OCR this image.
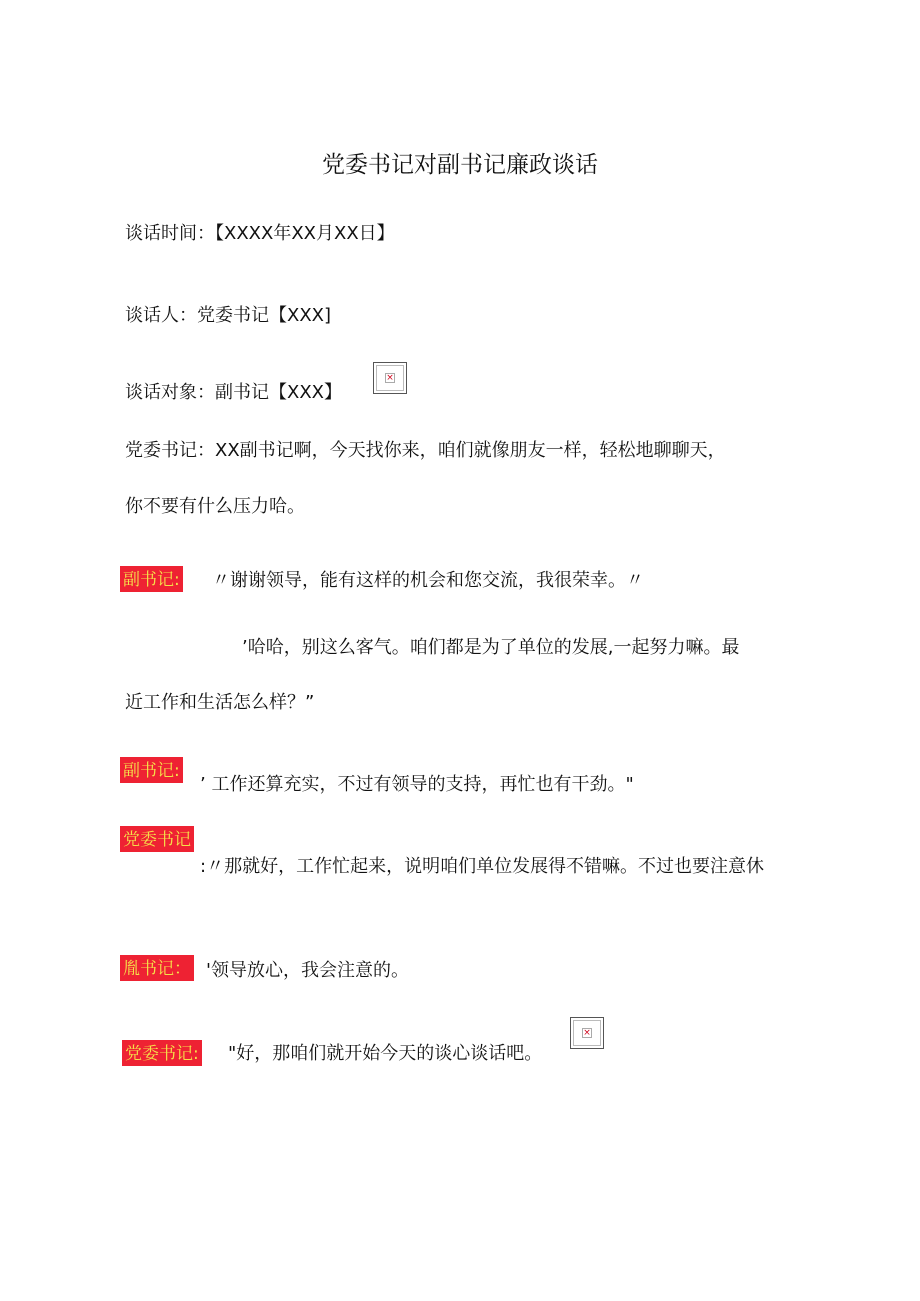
党委书记对副书记廉政谈话
谈话时间：【XXXX年XX月XX日】
谈话人：党委书记【XXX]
谈话对象：副书记【XXX】
×
党委书记：XX副书记啊，今天找你来，咱们就像朋友一样，轻松地聊聊天，
你不要有什么压力哈。
副书记: 〃谢谢领导，能有这样的机会和您交流，我很荣幸。〃
’哈哈，别这么客气。咱们都是为了单位的发展,一起努力嘛。最
近工作和生活怎么样？”
副书记:
’ 工作还算充实，不过有领导的支持，再忙也有干劲。"
党委书记
:〃那就好，工作忙起来，说明咱们单位发展得不错嘛。不过也要注意休
胤书记： '领导放心，我会注意的。
党委书记: "好，那咱们就开始今天的谈心谈话吧。
×
